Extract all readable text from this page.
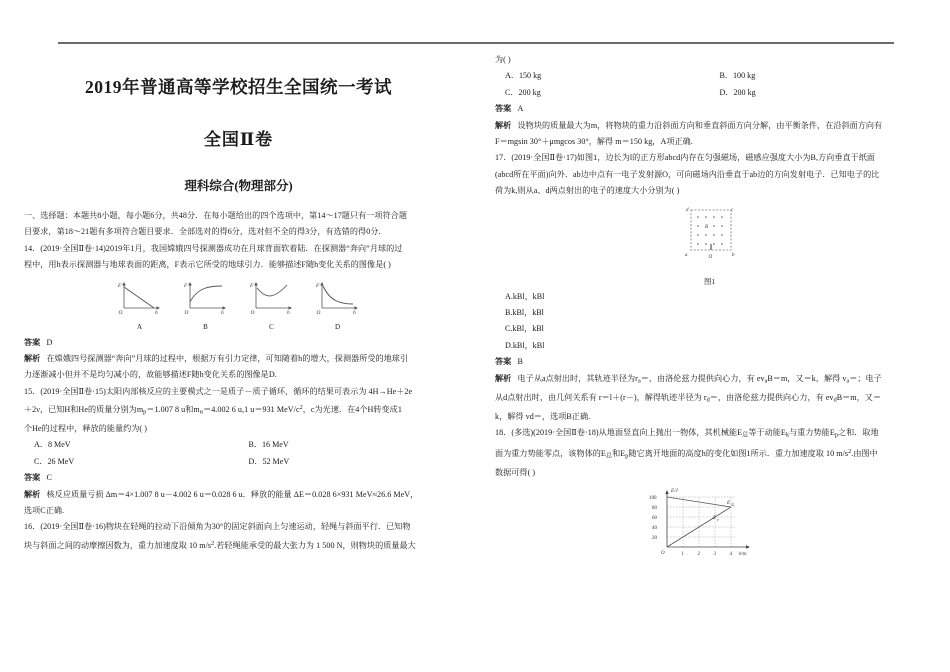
2019年普通高等学校招生全国统一考试
全国Ⅱ卷
理科综合(物理部分)

一、选择题：本题共8小题，每小题6分，共48分．在每小题给出的四个选项中，第14～17题只有一项符合题

目要求，第18～21题有多项符合题目要求．全部选对的得6分，选对但不全的得3分，有选错的得0分．

14．(2019·全国Ⅱ卷·14)2019年1月，我国嫦娥四号探测器成功在月球背面软着陆．在探测器“奔向”月球的过

程中，用h表示探测器与地球表面的距离，F表示它所受的地球引力．能够描述F随h变化关系的图像是( )

F
O	h
A
F
O	h
B
F
O	h
C
F
O	h
D

答案 D

解析 在嫦娥四号探测器“奔向”月球的过程中，根据万有引力定律，可知随着h的增大，探测器所受的地球引

力逐渐减小但并不是均匀减小的，故能够描述F随h变化关系的图像是D.

15．(2019·全国Ⅱ卷·15)太阳内部核反应的主要模式之一是质子－质子循环，循环的结果可表示为 4H→He＋2e

＋2ν，已知H和He的质量分别为$m_p=1.007$ 8 u和$m_\alpha=4.002$ 6 u,1 u＝931 MeV/$c^2$，c为光速．在4个H转变成1

个He的过程中，释放的能量约为( )

A．8 MeV	B．16 MeV
C．26 MeV	D．52 MeV

答案 C

解析 核反应质量亏损 Δm＝4×1.007 8 u－4.002 6 u＝0.028 6 u．释放的能量 ΔE＝0.028 6×931 MeV≈26.6 MeV，

选项C正确.

16．(2019·全国Ⅱ卷·16)物块在轻绳的拉动下沿倾角为30°的固定斜面向上匀速运动，轻绳与斜面平行．已知物

块与斜面之间的动摩擦因数为，重力加速度取 10 $m/s^2$.若轻绳能承受的最大张力为 1 500 N，则物块的质量最大

为( )

A．150 kg	B．100 kg
C．200 kg	D．200 kg

答案 A

解析 设物块的质量最大为m，将物块的重力沿斜面方向和垂直斜面方向分解，由平衡条件，在沿斜面方向有

F＝mgsin 30°＋μmgcos 30°，解得 m＝150 kg，A项正确.

17．(2019·全国Ⅱ卷·17)如图1，边长为l的正方形abcd内存在匀强磁场，磁感应强度大小为B,方向垂直于纸面

(abcd所在平面)向外．ab边中点有一电子发射源O，可向磁场内沿垂直于ab边的方向发射电子．已知电子的比

荷为k,则从a、d两点射出的电子的速度大小分别为( )

B
d	c
a	b
O
图1
A.kBl，kBl
B.kBl，kBl
C.kBl，kBl
D.kBl，kBl

答案 B

解析 电子从a点射出时，其轨迹半径为$r_a=$，由洛伦兹力提供向心力，有 $ev_aB=m$，又＝k，解得 $v_a=$；电子

从d点射出时，由几何关系有 r＝l＋(r－)，解得轨迹半径为 $r_d=$，由洛伦兹力提供向心力，有 $ev_dB=m$，又＝

k，解得 vd＝，选项B正确.

18．(多选)(2019·全国Ⅱ卷·18)从地面竖直向上抛出一物体，其机械能$E_总$等于动能$E_k$与重力势能$E_p$之和．取地

面为重力势能零点，该物体的$E_总$和$E_p$随它离开地面的高度h的变化如图1所示．重力加速度取 10 $m/s^2$.由图中

数据可得( )

20
40
60
80
100
1	2	3	4
O
E/J
h/m
E 总
E p
